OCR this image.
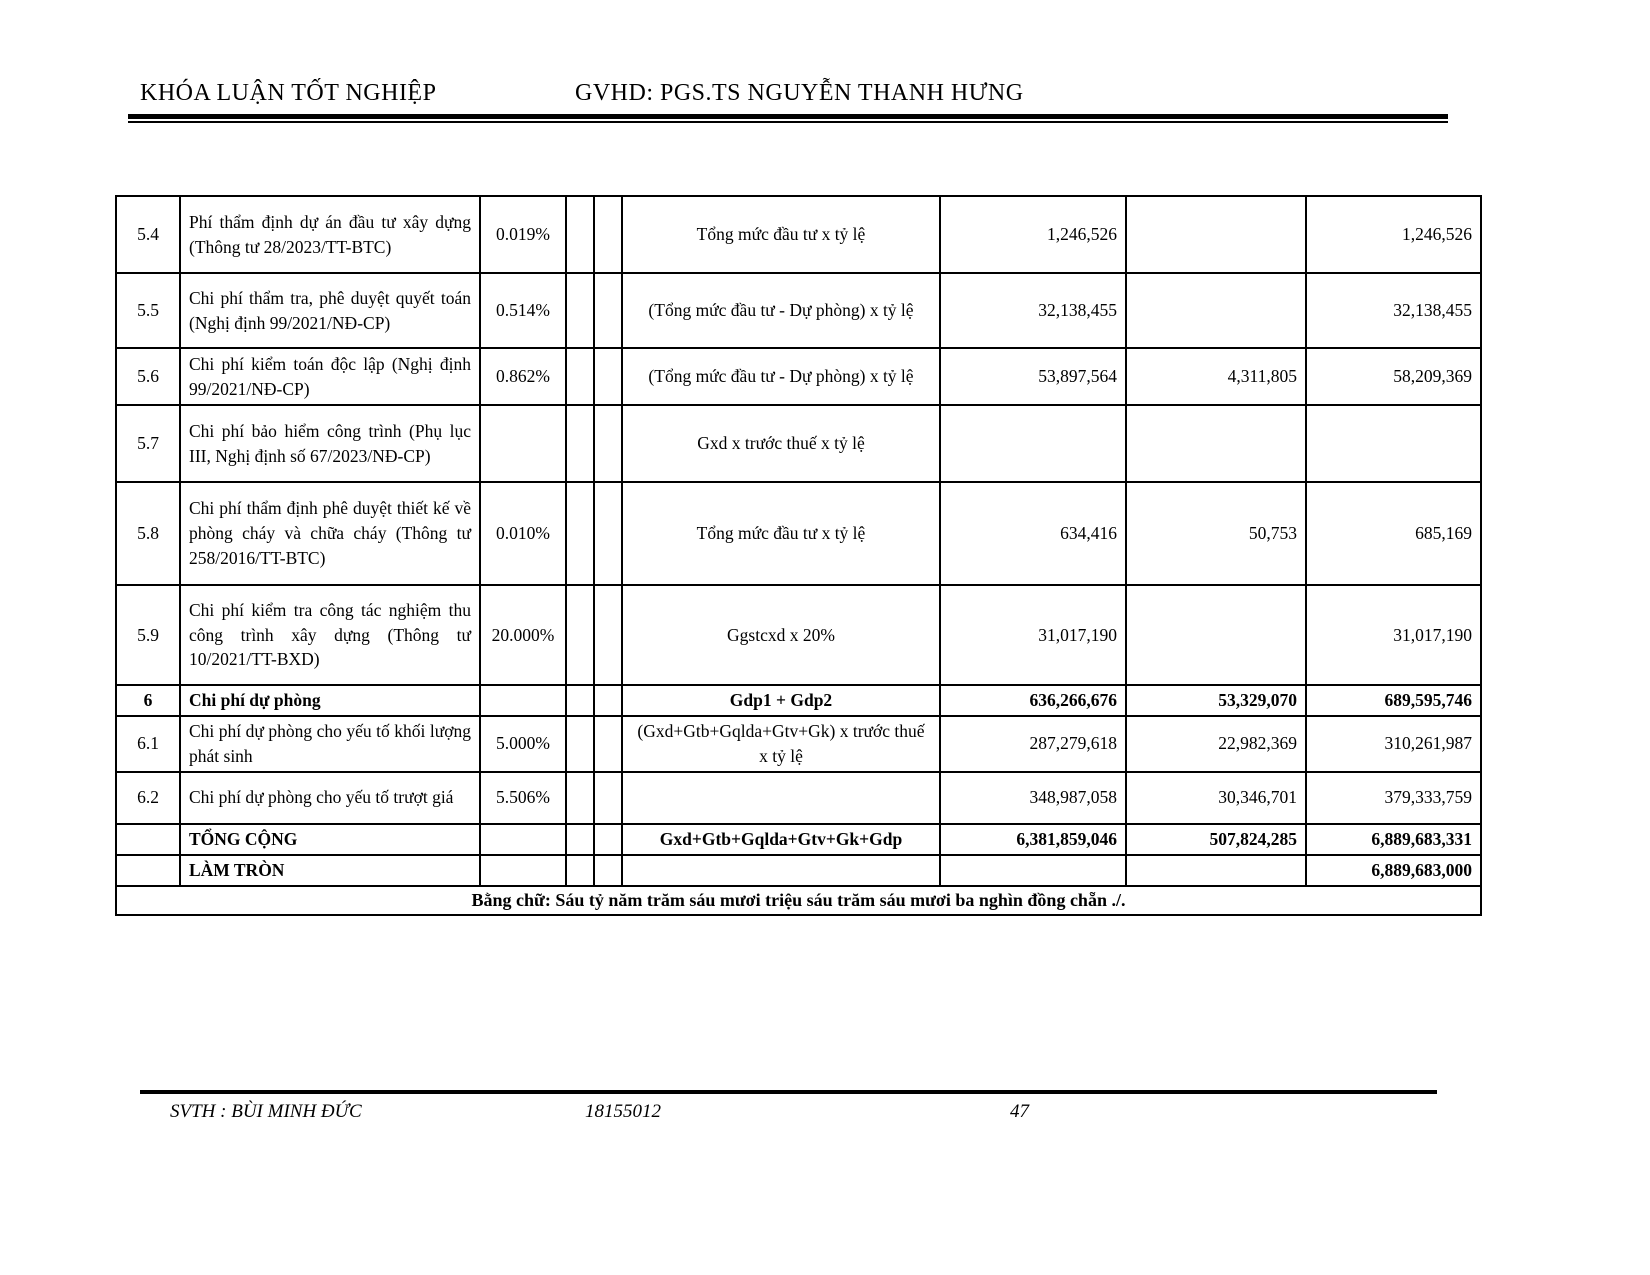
KHÓA LUẬN TỐT NGHIỆP	GVHD: PGS.TS NGUYỄN THANH HƯNG
5.4	Phí thẩm định dự án đầu tư xây dựng (Thông tư 28/2023/TT-BTC)	0.019%			Tổng mức đầu tư x tỷ lệ	1,246,526		1,246,526
5.5	Chi phí thẩm tra, phê duyệt quyết toán (Nghị định 99/2021/NĐ-CP)	0.514%			(Tổng mức đầu tư - Dự phòng) x tỷ lệ	32,138,455		32,138,455
5.6	Chi phí kiểm toán độc lập (Nghị định 99/2021/NĐ-CP)	0.862%			(Tổng mức đầu tư - Dự phòng) x tỷ lệ	53,897,564	4,311,805	58,209,369
5.7	Chi phí bảo hiểm công trình (Phụ lục III, Nghị định số 67/2023/NĐ-CP)				Gxd x trước thuế x tỷ lệ			
5.8	Chi phí thẩm định phê duyệt thiết kế về phòng cháy và chữa cháy (Thông tư 258/2016/TT-BTC)	0.010%			Tổng mức đầu tư x tỷ lệ	634,416	50,753	685,169
5.9	Chi phí kiểm tra công tác nghiệm thu công trình xây dựng (Thông tư 10/2021/TT-BXD)	20.000%			Ggstcxd x 20%	31,017,190		31,017,190
6	Chi phí dự phòng				Gdp1 + Gdp2	636,266,676	53,329,070	689,595,746
6.1	Chi phí dự phòng cho yếu tố khối lượng phát sinh	5.000%			(Gxd+Gtb+Gqlda+Gtv+Gk) x trước thuế x tỷ lệ	287,279,618	22,982,369	310,261,987
6.2	Chi phí dự phòng cho yếu tố trượt giá	5.506%				348,987,058	30,346,701	379,333,759
	TỔNG CỘNG				Gxd+Gtb+Gqlda+Gtv+Gk+Gdp	6,381,859,046	507,824,285	6,889,683,331
	LÀM TRÒN							6,889,683,000
Bằng chữ: Sáu tỷ năm trăm sáu mươi triệu sáu trăm sáu mươi ba nghìn đồng chẵn ./.								
SVTH : BÙI MINH ĐỨC	18155012	47
